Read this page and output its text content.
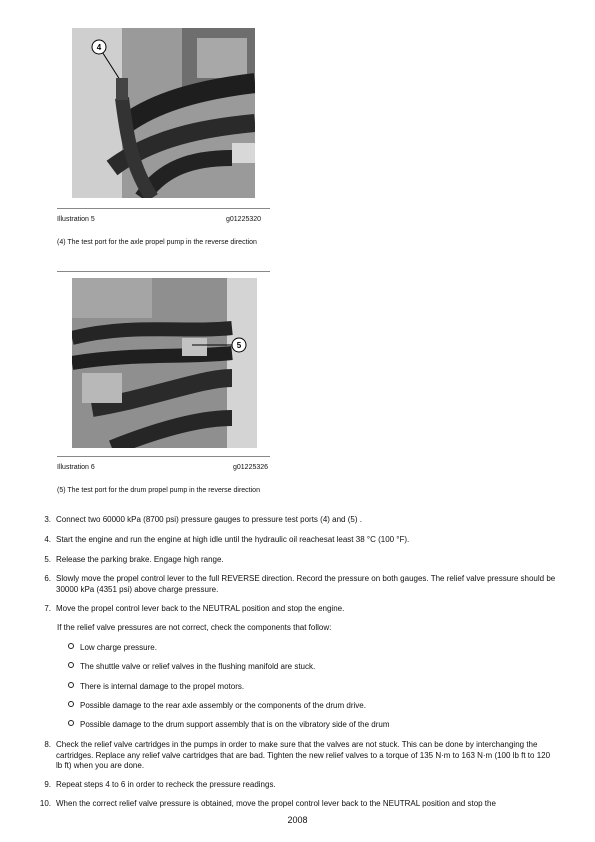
4
Illustration 5	g01225320
(4) The test port for the axle propel pump in the reverse direction
5
Illustration 6	g01225326
(5) The test port for the drum propel pump in the reverse direction
3. Connect two 60000 kPa (8700 psi) pressure gauges to pressure test ports (4) and (5) .
4. Start the engine and run the engine at high idle until the hydraulic oil reachesat least 38 °C (100 °F).
5. Release the parking brake. Engage high range.
6. Slowly move the propel control lever to the full REVERSE direction. Record the pressure on both gauges. The relief valve pressure should be 30000 kPa (4351 psi) above charge pressure.
7. Move the propel control lever back to the NEUTRAL position and stop the engine.
If the relief valve pressures are not correct, check the components that follow:
Low charge pressure.
The shuttle valve or relief valves in the flushing manifold are stuck.
There is internal damage to the propel motors.
Possible damage to the rear axle assembly or the components of the drum drive.
Possible damage to the drum support assembly that is on the vibratory side of the drum
8. Check the relief valve cartridges in the pumps in order to make sure that the valves are not stuck. This can be done by interchanging the cartridges. Replace any relief valve cartridges that are bad. Tighten the new relief valves to a torque of 135 N·m to 163 N·m (100 lb ft to 120 lb ft) when you are done.
9. Repeat steps 4 to 6 in order to recheck the pressure readings.
10. When the correct relief valve pressure is obtained, move the propel control lever back to the NEUTRAL position and stop the
2008
